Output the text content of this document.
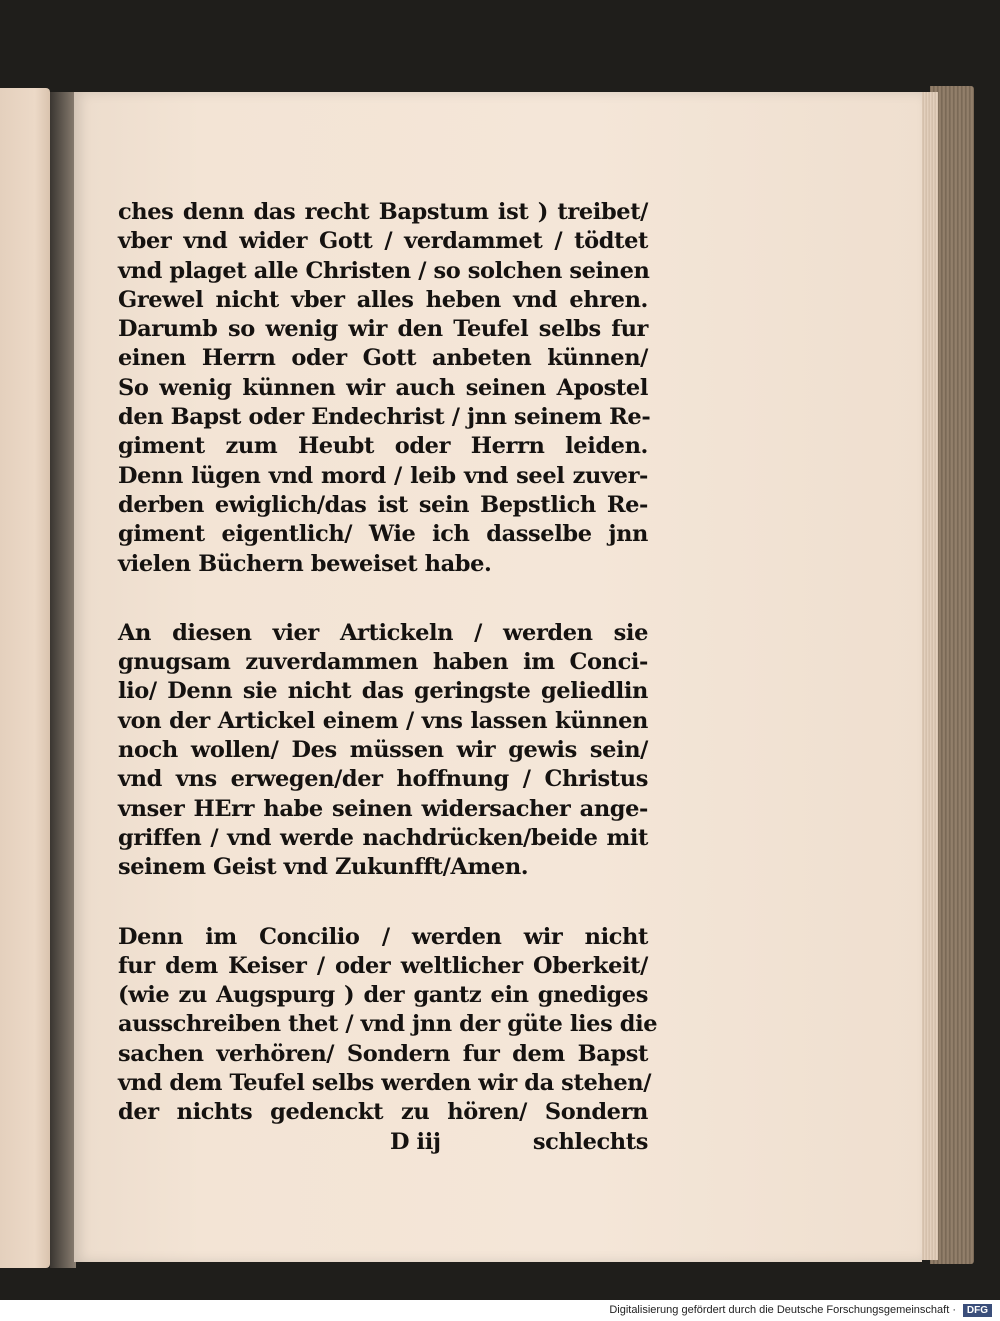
ches denn das recht Bapstum ist ) treibet/
vber vnd wider Gott / verdammet / tödtet
vnd plaget alle Christen / so solchen seinen
Grewel nicht vber alles heben vnd ehren.
Darumb so wenig wir den Teufel selbs fur
einen Herrn oder Gott anbeten künnen/
So wenig künnen wir auch seinen Apostel
den Bapst oder Endechrist / jnn seinem Re-
giment zum Heubt oder Herrn leiden.
Denn lügen vnd mord / leib vnd seel zuver-
derben ewiglich/das ist sein Bepstlich Re-
giment eigentlich/ Wie ich dasselbe jnn
vielen Büchern beweiset habe.
An diesen vier Artickeln / werden sie
gnugsam zuverdammen haben im Conci-
lio/ Denn sie nicht das geringste geliedlin
von der Artickel einem / vns lassen künnen
noch wollen/ Des müssen wir gewis sein/
vnd vns erwegen/der hoffnung / Christus
vnser HErr habe seinen widersacher ange-
griffen / vnd werde nachdrücken/beide mit
seinem Geist vnd Zukunfft/Amen.
Denn im Concilio / werden wir nicht
fur dem Keiser / oder weltlicher Oberkeit/
(wie zu Augspurg ) der gantz ein gnediges
ausschreiben thet / vnd jnn der güte lies die
sachen verhören/ Sondern fur dem Bapst
vnd dem Teufel selbs werden wir da stehen/
der nichts gedenckt zu hören/ Sondern
D iij	schlechts
Digitalisierung gefördert durch die Deutsche Forschungsgemeinschaft ·	DFG
